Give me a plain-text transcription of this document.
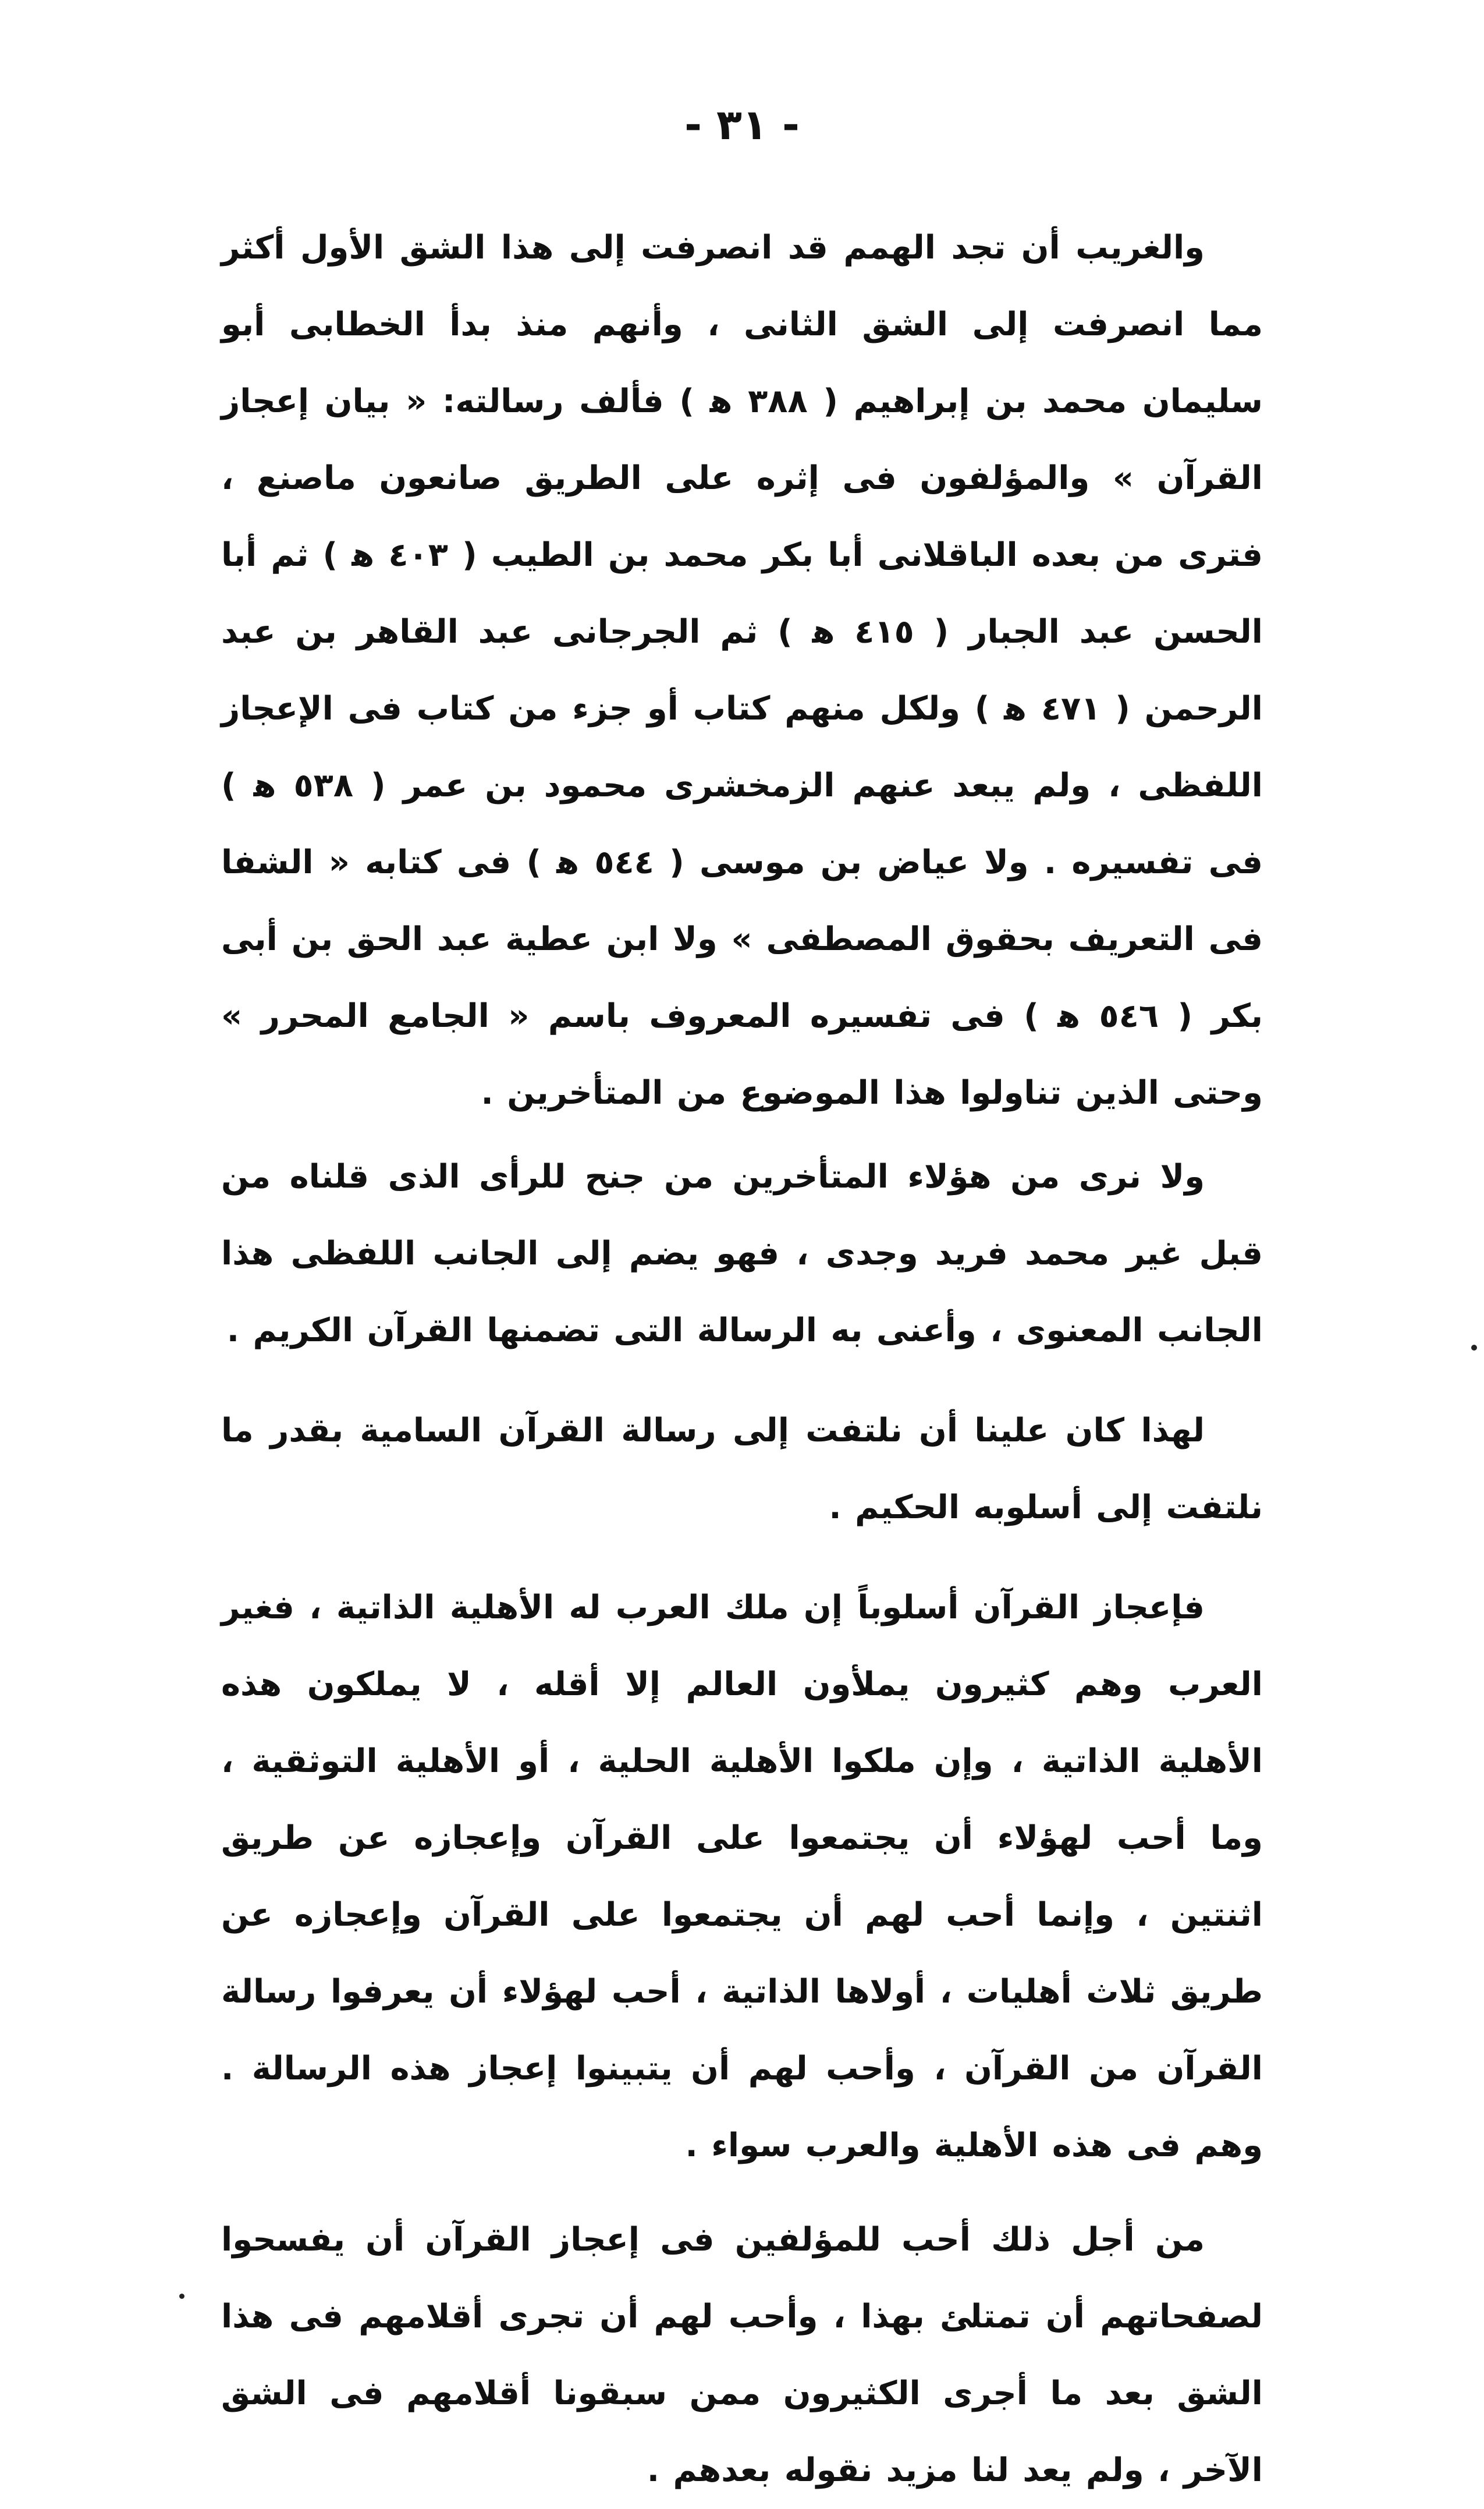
- ٣١ -

والغريب أن تجد الهمم قد انصرفت إلى هذا الشق الأول أكثر مما انصرفت إلى الشق الثانى ، وأنهم منذ بدأ الخطابى أبو سليمان محمد بن إبراهيم ( ٣٨٨ ﻫ ) فألف رسالته: « بيان إعجاز القرآن » والمؤلفون فى إثره على الطريق صانعون ماصنع ، فترى من بعده الباقلانى أبا بكر محمد بن الطيب ( ٤٠٣ ﻫ ) ثم أبا الحسن عبد الجبار ( ٤١٥ ﻫ ) ثم الجرجانى عبد القاهر بن عبد الرحمن ( ٤٧١ ﻫ ) ولكل منهم كتاب أو جزء من كتاب فى الإعجاز اللفظى ، ولم يبعد عنهم الزمخشرى محمود بن عمر ( ٥٣٨ ﻫ ) فى تفسيره . ولا عياض بن موسى ( ٥٤٤ ﻫ ) فى كتابه « الشفا فى التعريف بحقوق المصطفى » ولا ابن عطية عبد الحق بن أبى بكر ( ٥٤٦ ﻫ ) فى تفسيره المعروف باسم « الجامع المحرر » وحتى الذين تناولوا هذا الموضوع من المتأخرين .

ولا نرى من هؤلاء المتأخرين من جنح للرأى الذى قلناه من قبل غير محمد فريد وجدى ، فهو يضم إلى الجانب اللفظى هذا الجانب المعنوى ، وأعنى به الرسالة التى تضمنها القرآن الكريم .

لهذا كان علينا أن نلتفت إلى رسالة القرآن السامية بقدر ما نلتفت إلى أسلوبه الحكيم .

فإعجاز القرآن أسلوباً إن ملك العرب له الأهلية الذاتية ، فغير العرب وهم كثيرون يملأون العالم إلا أقله ، لا يملكون هذه الأهلية الذاتية ، وإن ملكوا الأهلية الحلية ، أو الأهلية التوثقية ، وما أحب لهؤلاء أن يجتمعوا على القرآن وإعجازه عن طريق اثنتين ، وإنما أحب لهم أن يجتمعوا على القرآن وإعجازه عن طريق ثلاث أهليات ، أولاها الذاتية ، أحب لهؤلاء أن يعرفوا رسالة القرآن من القرآن ، وأحب لهم أن يتبينوا إعجاز هذه الرسالة . وهم فى هذه الأهلية والعرب سواء .

من أجل ذلك أحب للمؤلفين فى إعجاز القرآن أن يفسحوا لصفحاتهم أن تمتلئ بهذا ، وأحب لهم أن تجرى أقلامهم فى هذا الشق بعد ما أجرى الكثيرون ممن سبقونا أقلامهم فى الشق الآخر ، ولم يعد لنا مزيد نقوله بعدهم .
